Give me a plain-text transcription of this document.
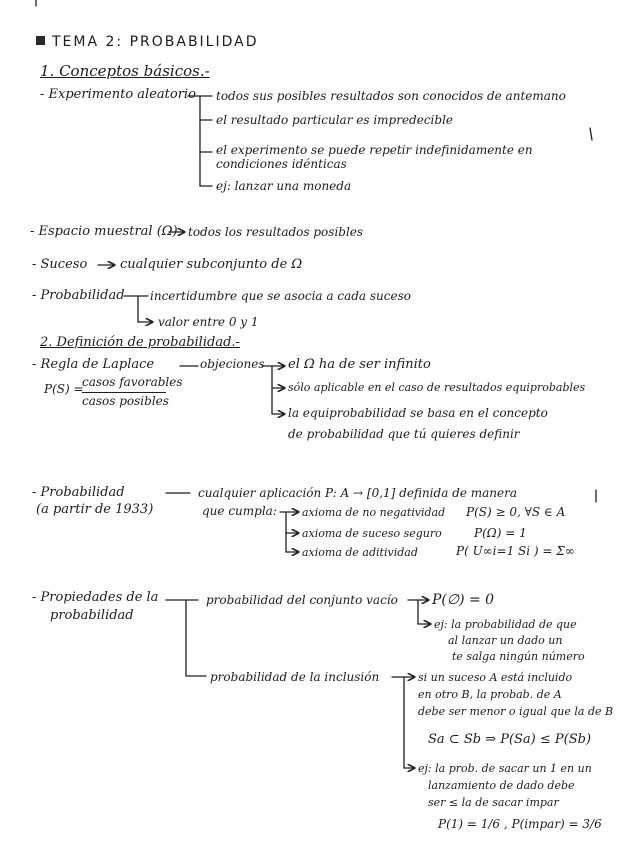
TEMA 2: PROBABILIDAD
1. Conceptos básicos.-
- Experimento aleatorio todos sus posibles resultados son conocidos de antemano
el resultado particular es impredecible
el experimento se puede repetir indefinidamente en
condiciones idénticas
ej: lanzar una moneda
- Espacio muestral (Ω) todos los resultados posibles
- Suceso	cualquier subconjunto de Ω
- Probabilidad incertidumbre que se asocia a cada suceso
valor entre 0 y 1
2. Definición de probabilidad.-
- Regla de Laplace	objeciones
P(S) =
casos favorables
casos posibles
el Ω ha de ser infinito
sólo aplicable en el caso de resultados equiprobables
la equiprobabilidad se basa en el concepto
de probabilidad que tú quieres definir
- Probabilidad
(a partir de 1933)
cualquier aplicación P: A → [0,1] definida de manera
que cumpla: axioma de no negatividad P(S) ≥ 0, ∀S ∈ A
axioma de suceso seguro	P(Ω) = 1
axioma de aditividad	P( U∞i=1 Si ) = Σ∞
- Propiedades de la
probabilidad
probabilidad del conjunto vacío P(∅) = 0
ej: la probabilidad de que
al lanzar un dado un
te salga ningún número
probabilidad de la inclusión	si un suceso A está incluido
en otro B, la probab. de A
debe ser menor o igual que la de B
Sa ⊂ Sb ⇒ P(Sa) ≤ P(Sb)
ej: la prob. de sacar un 1 en un
lanzamiento de dado debe
ser ≤ la de sacar impar
P(1) = 1/6 , P(impar) = 3/6
